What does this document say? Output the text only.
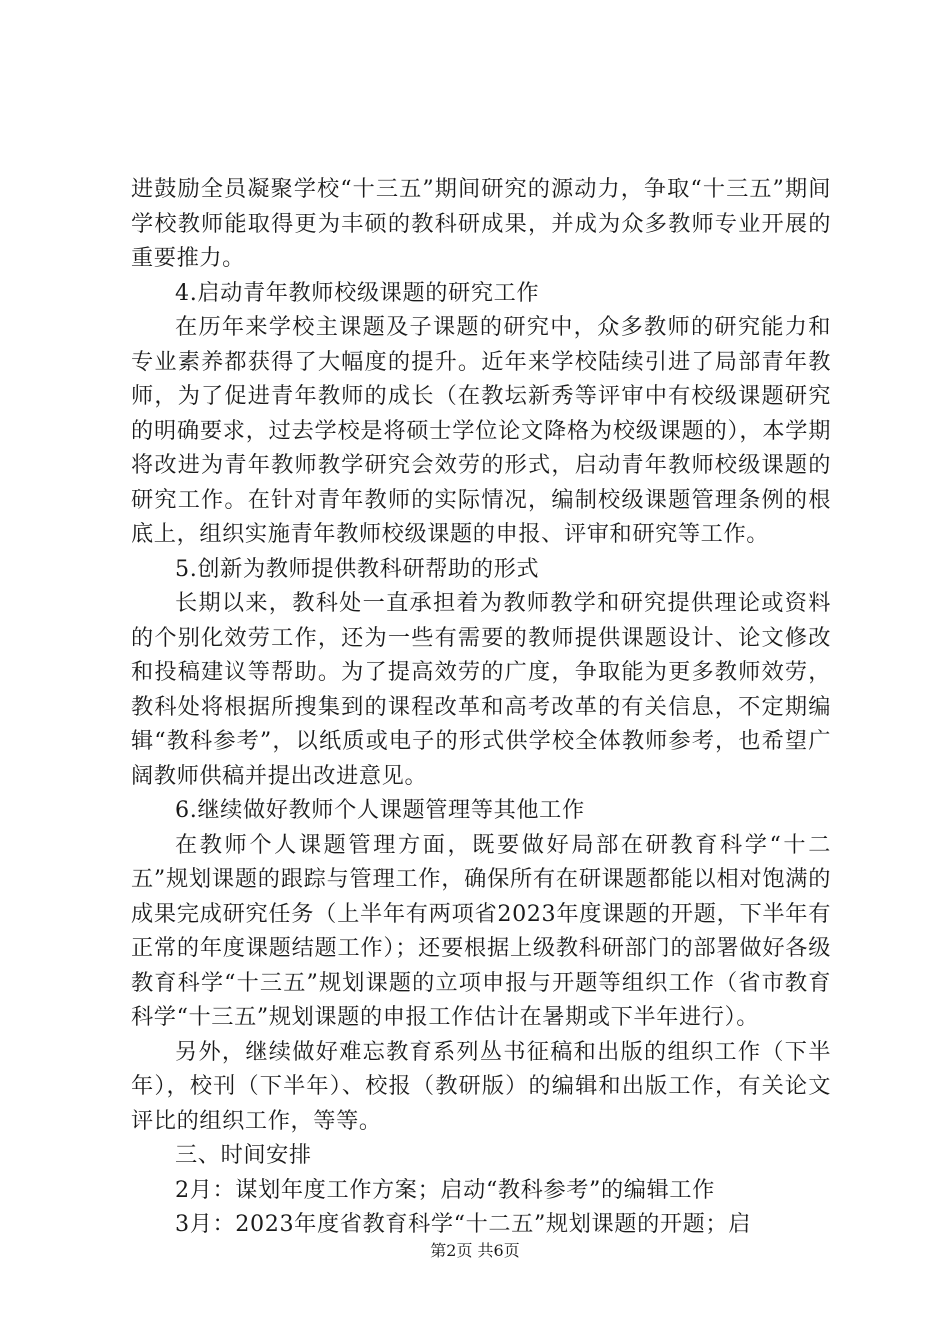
进鼓励全员凝聚学校“十三五”期间研究的源动力，争取“十三五”期间学校教师能取得更为丰硕的教科研成果，并成为众多教师专业开展的重要推力。

4.启动青年教师校级课题的研究工作

在历年来学校主课题及子课题的研究中，众多教师的研究能力和专业素养都获得了大幅度的提升。近年来学校陆续引进了局部青年教师，为了促进青年教师的成长（在教坛新秀等评审中有校级课题研究的明确要求，过去学校是将硕士学位论文降格为校级课题的），本学期将改进为青年教师教学研究会效劳的形式，启动青年教师校级课题的研究工作。在针对青年教师的实际情况，编制校级课题管理条例的根底上，组织实施青年教师校级课题的申报、评审和研究等工作。

5.创新为教师提供教科研帮助的形式

长期以来，教科处一直承担着为教师教学和研究提供理论或资料的个别化效劳工作，还为一些有需要的教师提供课题设计、论文修改和投稿建议等帮助。为了提高效劳的广度，争取能为更多教师效劳，教科处将根据所搜集到的课程改革和高考改革的有关信息，不定期编辑“教科参考”，以纸质或电子的形式供学校全体教师参考，也希望广阔教师供稿并提出改进意见。

6.继续做好教师个人课题管理等其他工作

在教师个人课题管理方面，既要做好局部在研教育科学“十二五”规划课题的跟踪与管理工作，确保所有在研课题都能以相对饱满的成果完成研究任务（上半年有两项省2023年度课题的开题，下半年有正常的年度课题结题工作）；还要根据上级教科研部门的部署做好各级教育科学“十三五”规划课题的立项申报与开题等组织工作（省市教育科学“十三五”规划课题的申报工作估计在暑期或下半年进行）。

另外，继续做好难忘教育系列丛书征稿和出版的组织工作（下半年），校刊（下半年）、校报（教研版）的编辑和出版工作，有关论文评比的组织工作，等等。

三、时间安排

2月：谋划年度工作方案；启动“教科参考”的编辑工作

3月：2023年度省教育科学“十二五”规划课题的开题；启

第2页 共6页
